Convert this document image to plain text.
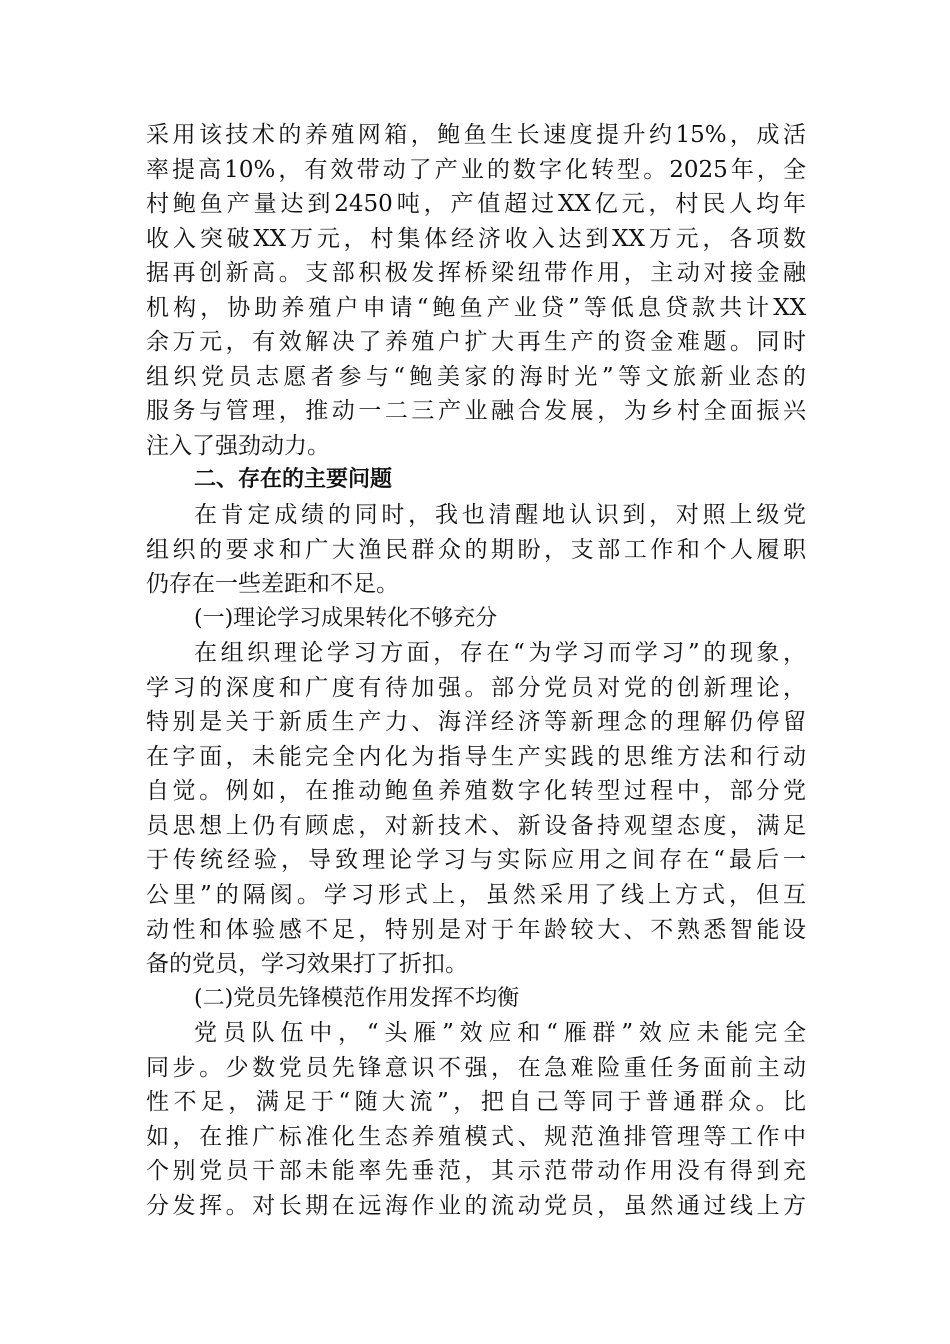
采用该技术的养殖网箱，鲍鱼生长速度提升约15%，成活
率提高10%，有效带动了产业的数字化转型。2025年，全
村鲍鱼产量达到2450吨，产值超过XX亿元，村民人均年
收入突破XX万元，村集体经济收入达到XX万元，各项数
据再创新高。支部积极发挥桥梁纽带作用，主动对接金融
机构，协助养殖户申请“鲍鱼产业贷”等低息贷款共计XX
余万元，有效解决了养殖户扩大再生产的资金难题。同时
组织党员志愿者参与“鲍美家的海时光”等文旅新业态的
服务与管理，推动一二三产业融合发展，为乡村全面振兴
注入了强劲动力。
二、存在的主要问题
在肯定成绩的同时，我也清醒地认识到，对照上级党
组织的要求和广大渔民群众的期盼，支部工作和个人履职
仍存在一些差距和不足。
(一)理论学习成果转化不够充分
在组织理论学习方面，存在“为学习而学习”的现象，
学习的深度和广度有待加强。部分党员对党的创新理论，
特别是关于新质生产力、海洋经济等新理念的理解仍停留
在字面，未能完全内化为指导生产实践的思维方法和行动
自觉。例如，在推动鲍鱼养殖数字化转型过程中，部分党
员思想上仍有顾虑，对新技术、新设备持观望态度，满足
于传统经验，导致理论学习与实际应用之间存在“最后一
公里”的隔阂。学习形式上，虽然采用了线上方式，但互
动性和体验感不足，特别是对于年龄较大、不熟悉智能设
备的党员，学习效果打了折扣。
(二)党员先锋模范作用发挥不均衡
党员队伍中，“头雁”效应和“雁群”效应未能完全
同步。少数党员先锋意识不强，在急难险重任务面前主动
性不足，满足于“随大流”，把自己等同于普通群众。比
如，在推广标准化生态养殖模式、规范渔排管理等工作中
个别党员干部未能率先垂范，其示范带动作用没有得到充
分发挥。对长期在远海作业的流动党员，虽然通过线上方
